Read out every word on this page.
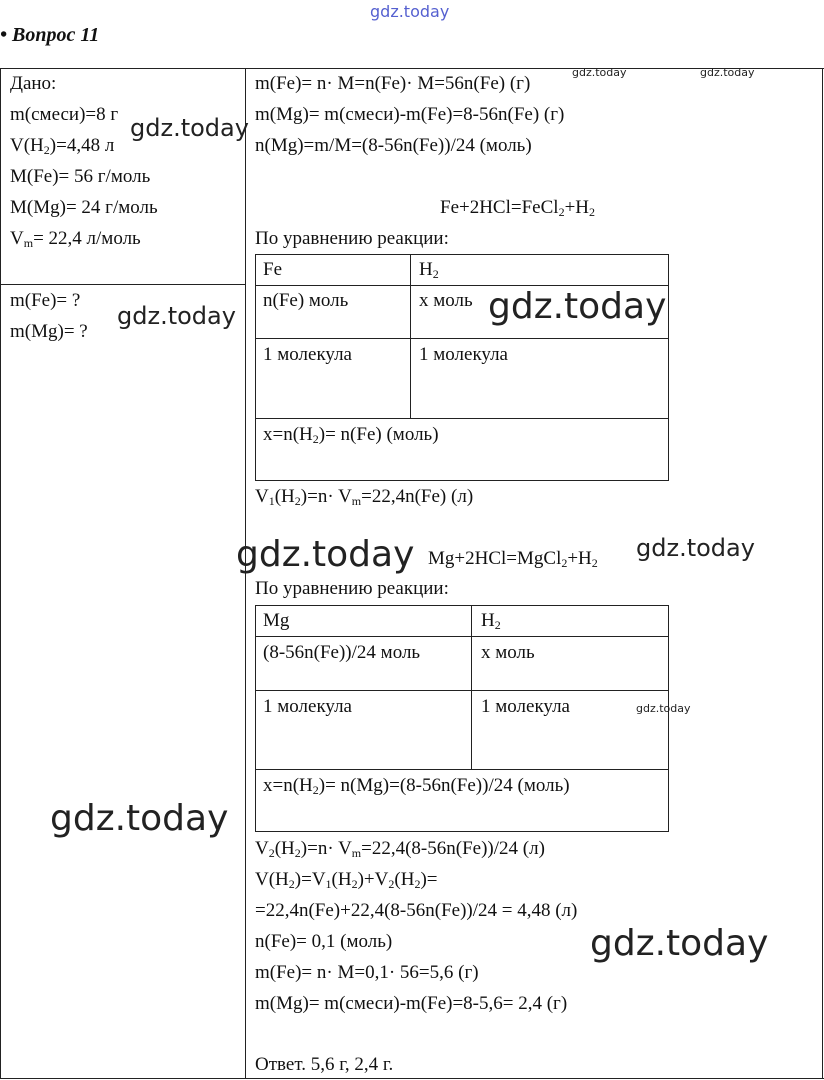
gdz.today
• Вопрос 11
Дано:
m(смеси)=8 г
$V(H_2)=4,48$ л
M(Fe)= 56 г/моль
M(Mg)= 24 г/моль
$V_m= 22,4$ л/моль
m(Fe)= ?
m(Mg)= ?
m(Fe)= n· M=n(Fe)· M=56n(Fe) (г)
m(Mg)= m(смеси)-m(Fe)=8-56n(Fe) (г)
n(Mg)=m/M=(8-56n(Fe))/24 (моль)
$Fe+2HCl=FeCl_2+H_2$
По уравнению реакции:
Fe	$H_2$
n(Fe) моль	x моль
1 молекула	1 молекула
$x=n(H_2)= n(Fe)$ (моль)
$V_1(H_2)=n\cdot V_m=22,4n(Fe)$ (л)
$Mg+2HCl=MgCl_2+H_2$
По уравнению реакции:
Mg	$H_2$
(8-56n(Fe))/24 моль	x моль
1 молекула	1 молекула
$x=n(H_2)= n(Mg)=(8-56n(Fe))/24$ (моль)
$V_2(H_2)=n\cdot V_m=22,4(8-56n(Fe))/24$ (л)
$V(H_2)=V_1(H_2)+V_2(H_2)=$
=22,4n(Fe)+22,4(8-56n(Fe))/24 = 4,48 (л)
n(Fe)= 0,1 (моль)
m(Fe)= n· M=0,1· 56=5,6 (г)
m(Mg)= m(смеси)-m(Fe)=8-5,6= 2,4 (г)
Ответ. 5,6 г, 2,4 г.
gdz.today
gdz.today	gdz.today
gdz.today	gdz.today
gdz.today	gdz.today
gdz.today
gdz.today
gdz.today
